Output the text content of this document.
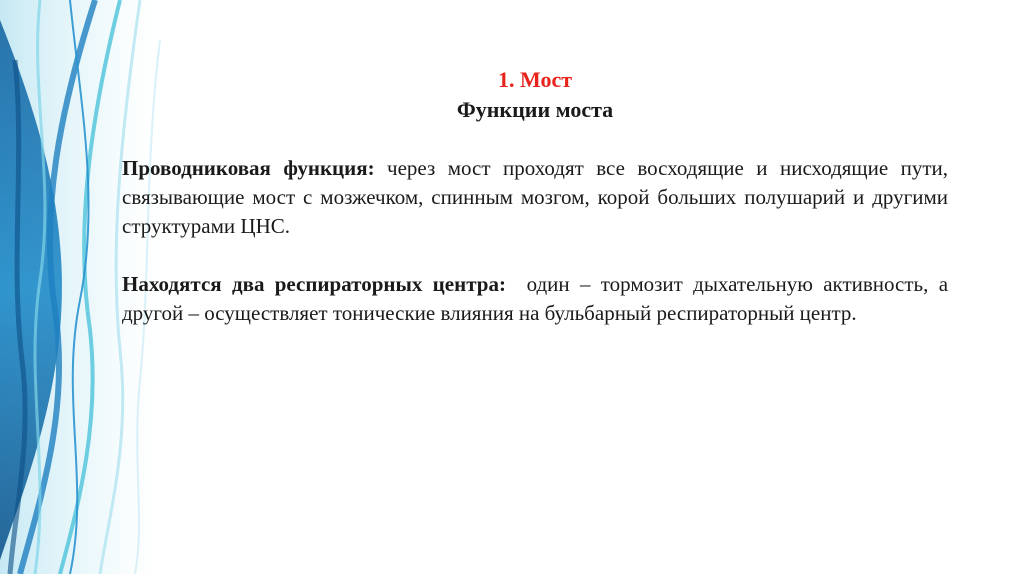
1. Мост

Функции моста

Проводниковая функция: через мост проходят все восходящие и нисходящие пути, связывающие мост с мозжечком, спинным мозгом, корой больших полушарий и другими структурами ЦНС.

Находятся два респираторных центра: один – тормозит дыхательную активность, а другой – осуществляет тонические влияния на бульбарный респираторный центр.
